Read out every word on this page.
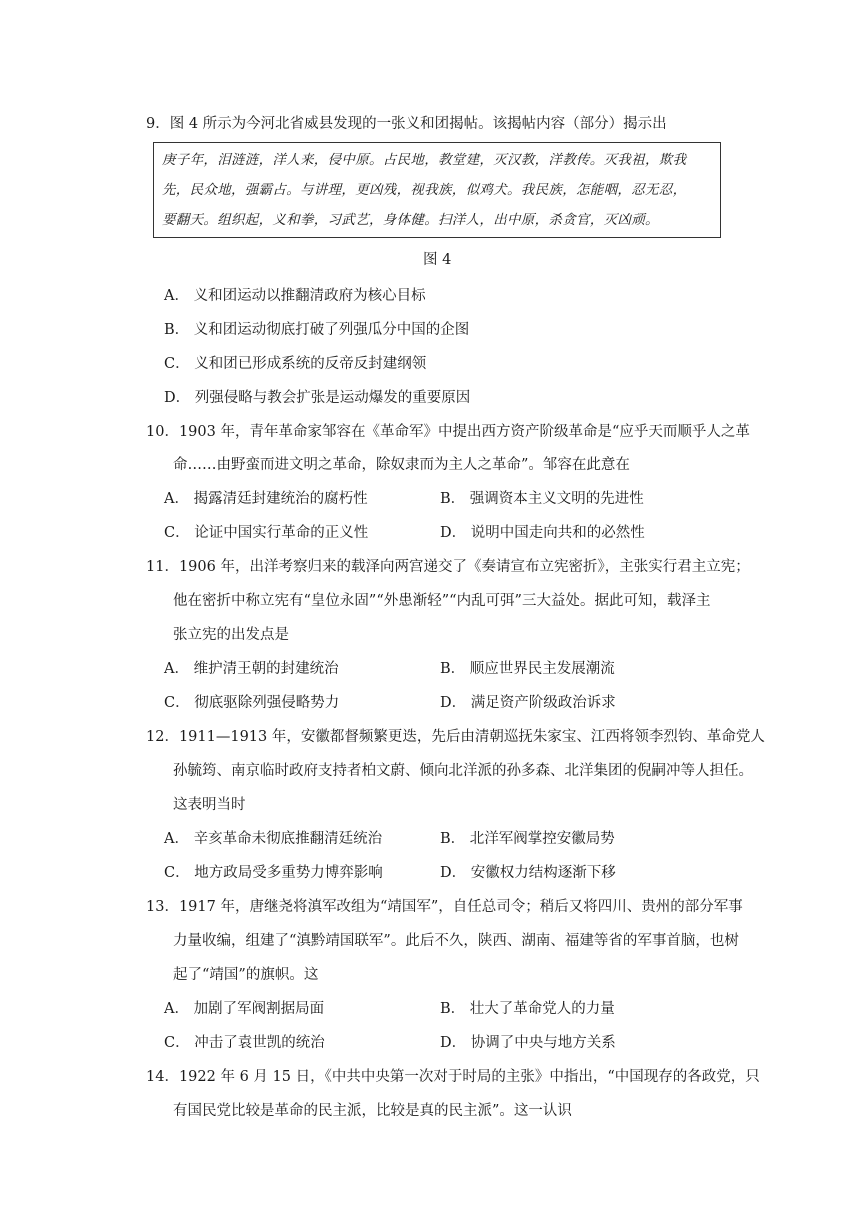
9．图 4 所示为今河北省威县发现的一张义和团揭帖。该揭帖内容（部分）揭示出
庚子年，泪涟涟，洋人来，侵中原。占民地，教堂建，灭汉教，洋教传。灭我祖，欺我
先，民众地，强霸占。与讲理，更凶残，视我族，似鸡犬。我民族，怎能咽，忍无忍，
要翻天。组织起，义和拳，习武艺，身体健。扫洋人，出中原，杀贪官，灭凶顽。
图 4
A． 义和团运动以推翻清政府为核心目标
B． 义和团运动彻底打破了列强瓜分中国的企图
C． 义和团已形成系统的反帝反封建纲领
D． 列强侵略与教会扩张是运动爆发的重要原因
10．1903 年，青年革命家邹容在《革命军》中提出西方资产阶级革命是“应乎天而顺乎人之革
命……由野蛮而进文明之革命，除奴隶而为主人之革命”。邹容在此意在
A． 揭露清廷封建统治的腐朽性	B． 强调资本主义文明的先进性
C． 论证中国实行革命的正义性	D． 说明中国走向共和的必然性
11．1906 年，出洋考察归来的载泽向两宫递交了《奏请宣布立宪密折》，主张实行君主立宪；
他在密折中称立宪有“皇位永固”“外患渐轻”“内乱可弭”三大益处。据此可知，载泽主
张立宪的出发点是
A． 维护清王朝的封建统治	B． 顺应世界民主发展潮流
C． 彻底驱除列强侵略势力	D． 满足资产阶级政治诉求
12．1911—1913 年，安徽都督频繁更迭，先后由清朝巡抚朱家宝、江西将领李烈钧、革命党人
孙毓筠、南京临时政府支持者柏文蔚、倾向北洋派的孙多森、北洋集团的倪嗣冲等人担任。
这表明当时
A． 辛亥革命未彻底推翻清廷统治	B． 北洋军阀掌控安徽局势
C． 地方政局受多重势力博弈影响	D． 安徽权力结构逐渐下移
13．1917 年，唐继尧将滇军改组为“靖国军”，自任总司令；稍后又将四川、贵州的部分军事
力量收编，组建了“滇黔靖国联军”。此后不久，陕西、湖南、福建等省的军事首脑，也树
起了“靖国”的旗帜。这
A． 加剧了军阀割据局面	B． 壮大了革命党人的力量
C． 冲击了袁世凯的统治	D． 协调了中央与地方关系
14．1922 年 6 月 15 日，《中共中央第一次对于时局的主张》中指出，“中国现存的各政党，只
有国民党比较是革命的民主派，比较是真的民主派”。这一认识
